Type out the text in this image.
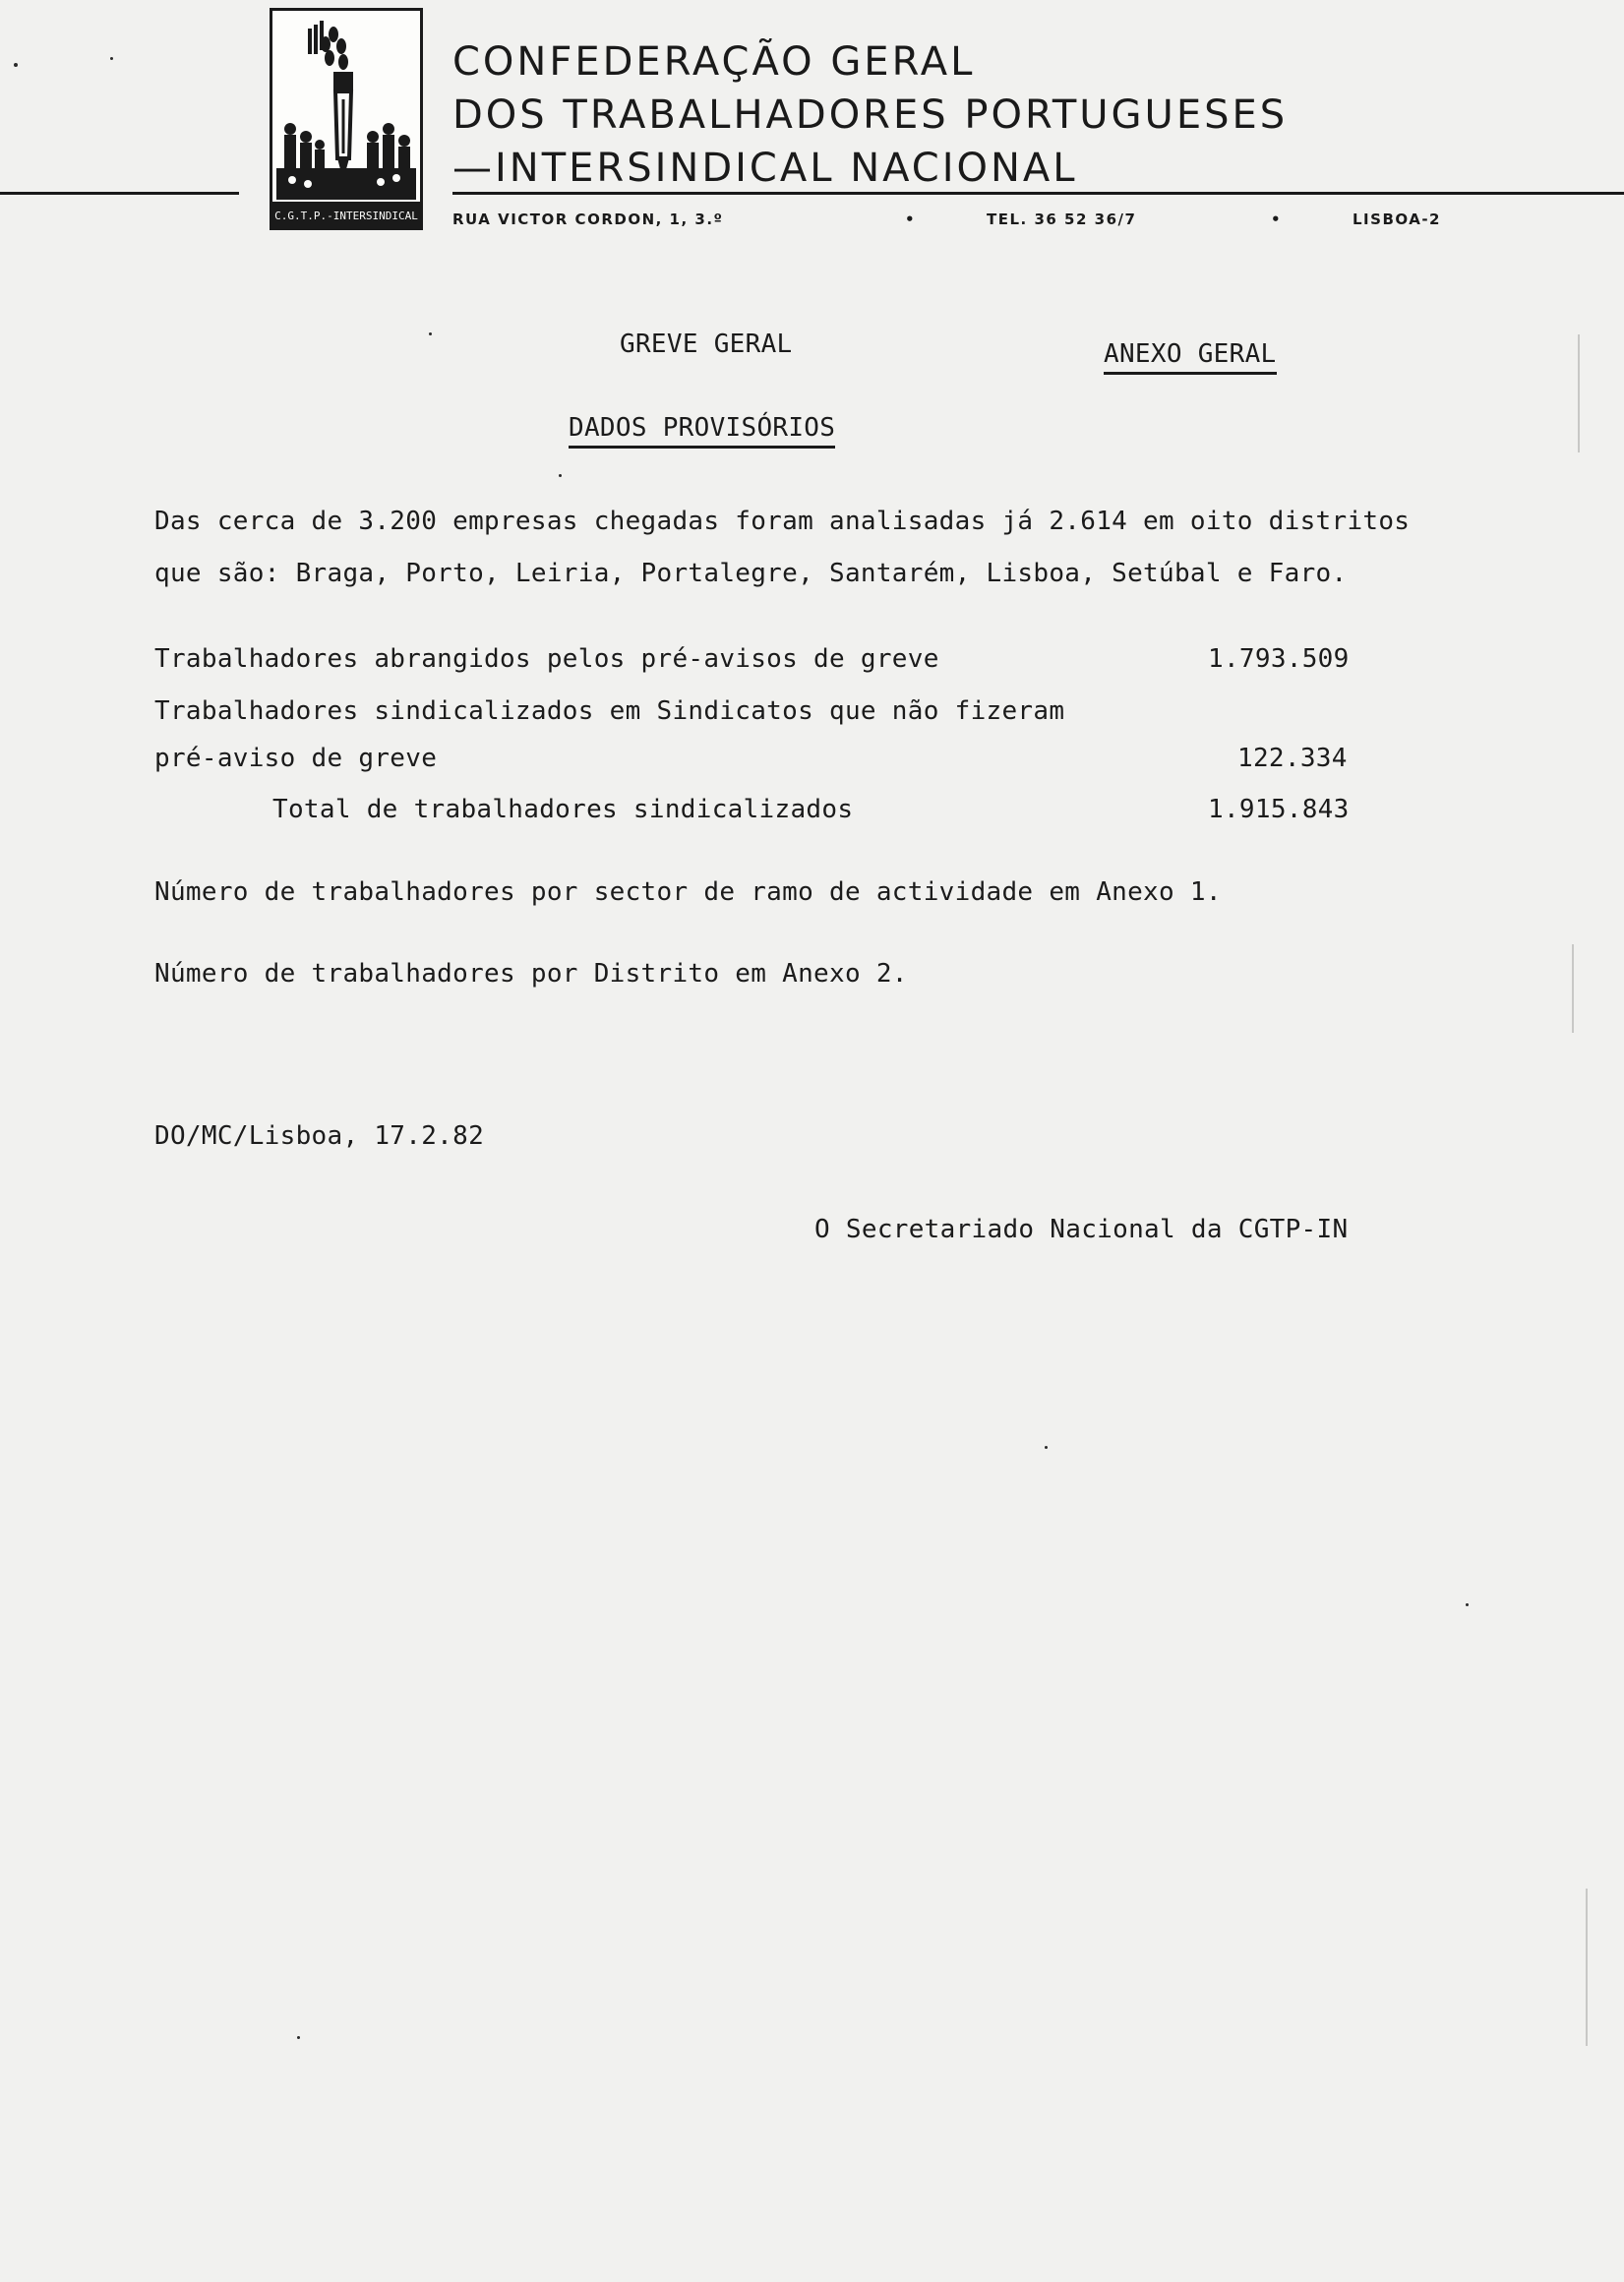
C.G.T.P.-INTERSINDICAL
CONFEDERAÇÃO GERAL
DOS TRABALHADORES PORTUGUESES
—INTERSINDICAL NACIONAL
RUA VICTOR CORDON, 1, 3.º	•	TEL. 36 52 36/7	•	LISBOA-2
GREVE GERAL	ANEXO GERAL
DADOS PROVISÓRIOS
Das cerca de 3.200 empresas chegadas foram analisadas já 2.614 em oito distritos
que são: Braga, Porto, Leiria, Portalegre, Santarém, Lisboa, Setúbal e Faro.
Trabalhadores abrangidos pelos pré-avisos de greve	1.793.509
Trabalhadores sindicalizados em Sindicatos que não fizeram
pré-aviso de greve	122.334
Total de trabalhadores sindicalizados	1.915.843
Número de trabalhadores por sector de ramo de actividade em Anexo 1.
Número de trabalhadores por Distrito em Anexo 2.
DO/MC/Lisboa, 17.2.82
O Secretariado Nacional da CGTP-IN
